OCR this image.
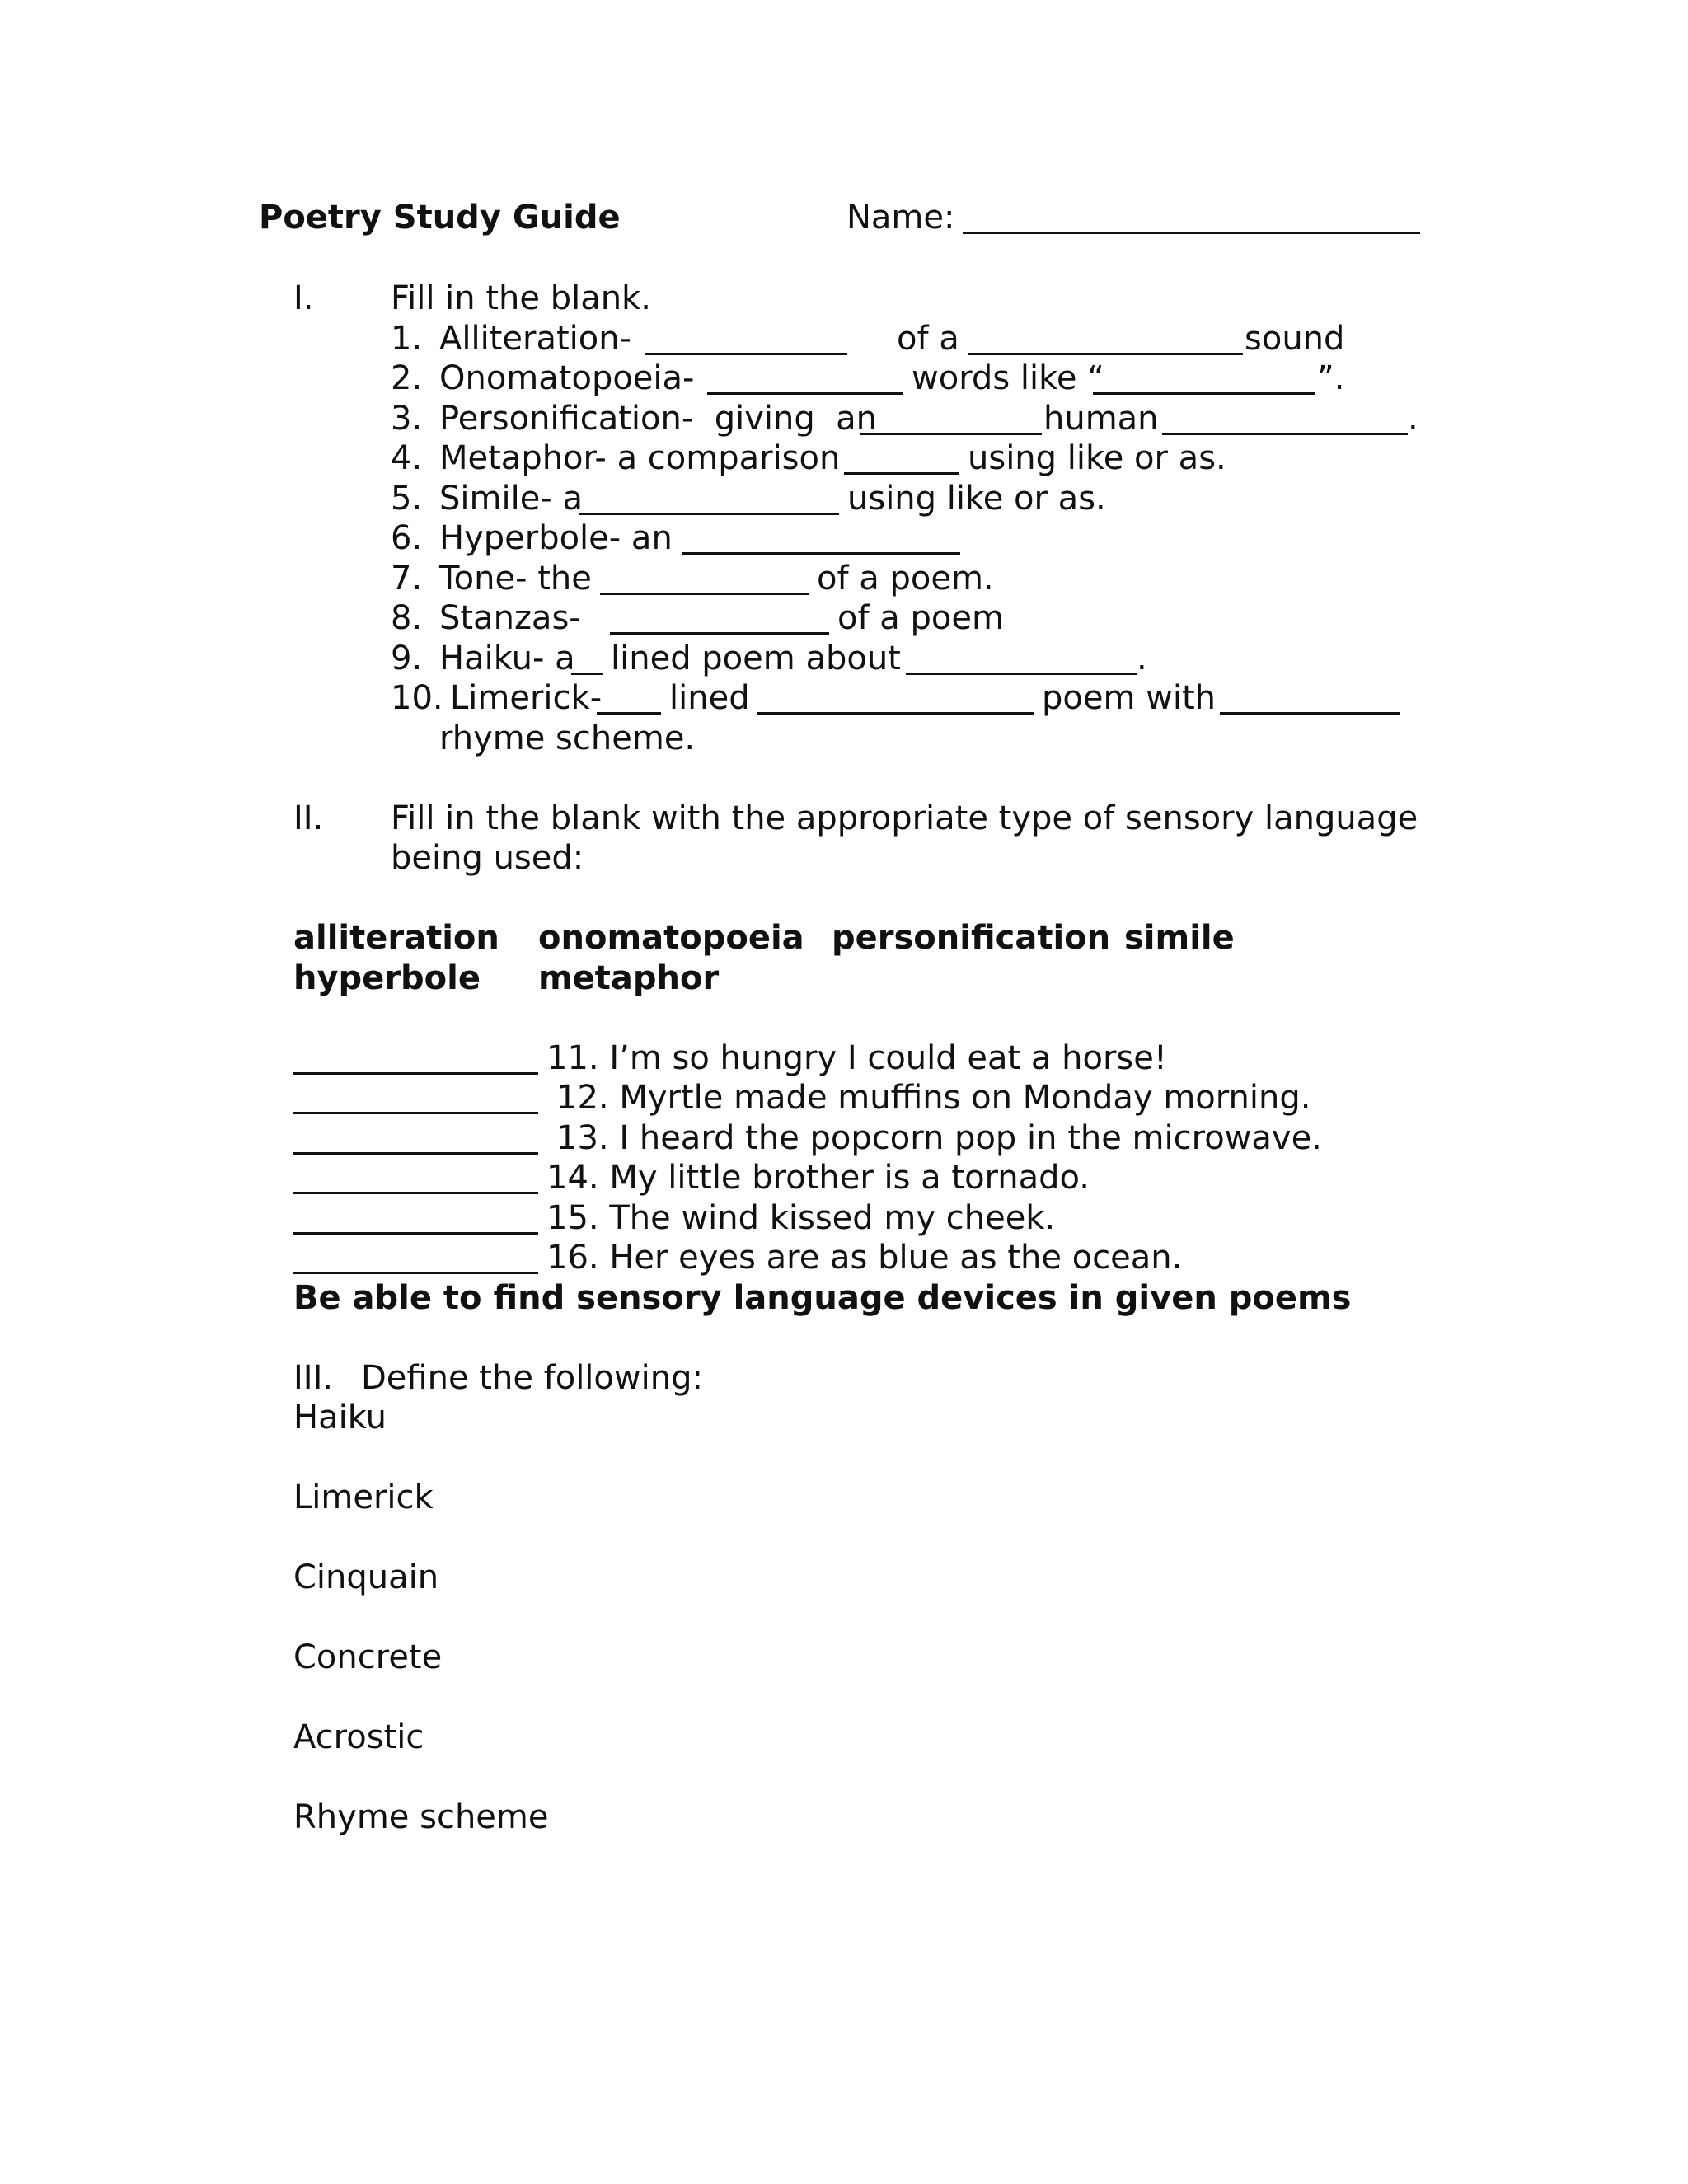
Poetry Study Guide	Name:
I. Fill in the blank.
1. Alliteration-	of a	sound
2. Onomatopoeia-	words like “	”.
3. Personification-  giving  an	human	.
4. Metaphor- a comparison	using like or as.
5. Simile- a	using like or as.
6. Hyperbole- an
7. Tone- the	of a poem.
8. Stanzas-	of a poem
9. Haiku- a lined poem about	.
10. Limerick- lined	poem with
rhyme scheme.
II. Fill in the blank with the appropriate type of sensory language
being used:
alliteration onomatopoeia personification simile
hyperbole metaphor
11. I’m so hungry I could eat a horse!
12. Myrtle made muffins on Monday morning.
13. I heard the popcorn pop in the microwave.
14. My little brother is a tornado.
15. The wind kissed my cheek.
16. Her eyes are as blue as the ocean.
Be able to find sensory language devices in given poems
III. Define the following:
Haiku
Limerick
Cinquain
Concrete
Acrostic
Rhyme scheme
